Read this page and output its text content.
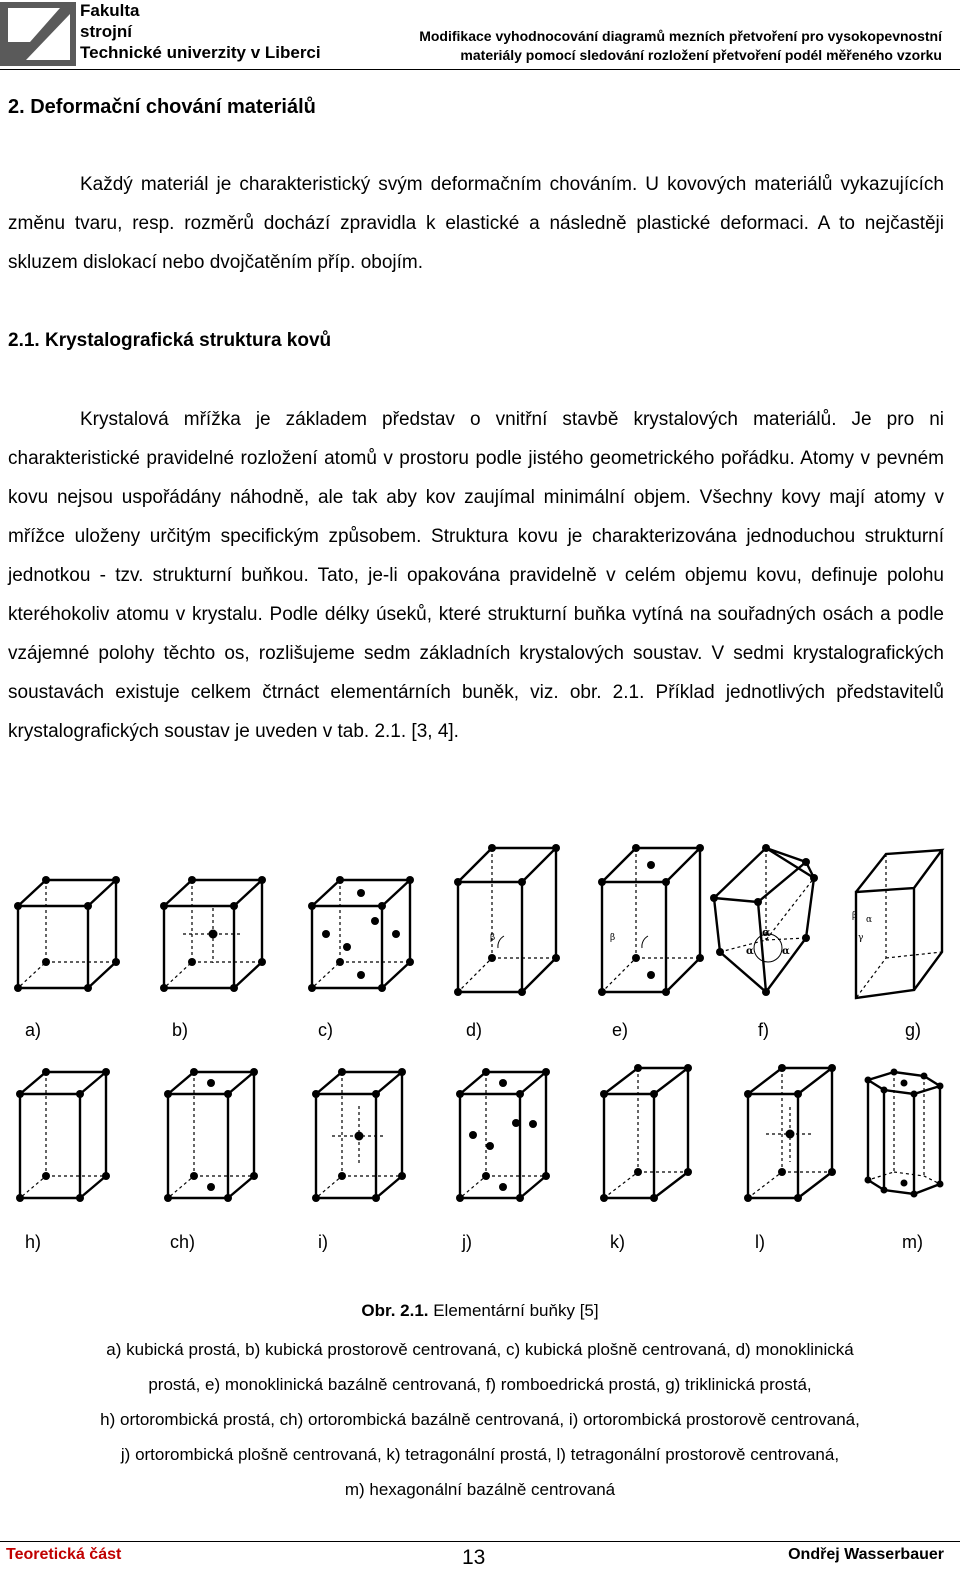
Fakulta
strojní
Technické univerzity v Liberci
Modifikace vyhodnocování diagramů mezních přetvoření pro vysokopevnostní
materiály pomocí sledování rozložení přetvoření podél měřeného vzorku
2. Deformační chování materiálů
Každý materiál je charakteristický svým deformačním chováním. U kovových materiálů vykazujících změnu tvaru, resp. rozměrů dochází zpravidla k elastické a následně plastické deformaci. A to nejčastěji skluzem dislokací nebo dvojčatěním příp. obojím.
2.1. Krystalografická struktura kovů
Krystalová mřížka je základem představ o vnitřní stavbě krystalových materiálů. Je pro ni charakteristické pravidelné rozložení atomů v prostoru podle jistého geometrického pořádku. Atomy v pevném kovu nejsou uspořádány náhodně, ale tak aby kov zaujímal minimální objem. Všechny kovy mají atomy v mřížce uloženy určitým specifickým způsobem. Struktura kovu je charakterizována jednoduchou strukturní jednotkou - tzv. strukturní buňkou. Tato, je-li opakována pravidelně v celém objemu kovu, definuje polohu kteréhokoliv atomu v krystalu. Podle délky úseků, které strukturní buňka vytíná na souřadných osách a podle vzájemné polohy těchto os, rozlišujeme sedm základních krystalových soustav. V sedmi krystalografických soustavách existuje celkem čtrnáct elementárních buněk, viz. obr. 2.1. Příklad jednotlivých představitelů krystalografických soustav je uveden v tab. 2.1. [3, 4].
β	β	α
α	α
β α
γ
a)	b)	c)	d)	e)	f)	g)
h)	ch)	i)	j)	k)	l)	m)
Obr. 2.1. Elementární buňky [5]
a) kubická prostá, b) kubická prostorově centrovaná, c) kubická plošně centrovaná, d) monoklinická
prostá, e) monoklinická bazálně centrovaná, f) romboedrická prostá, g) triklinická prostá,
h) ortorombická prostá, ch) ortorombická bazálně centrovaná, i) ortorombická prostorově centrovaná,
j) ortorombická plošně centrovaná, k) tetragonální prostá, l) tetragonální prostorově centrovaná,
m) hexagonální bazálně centrovaná
Teoretická část	13	Ondřej Wasserbauer
